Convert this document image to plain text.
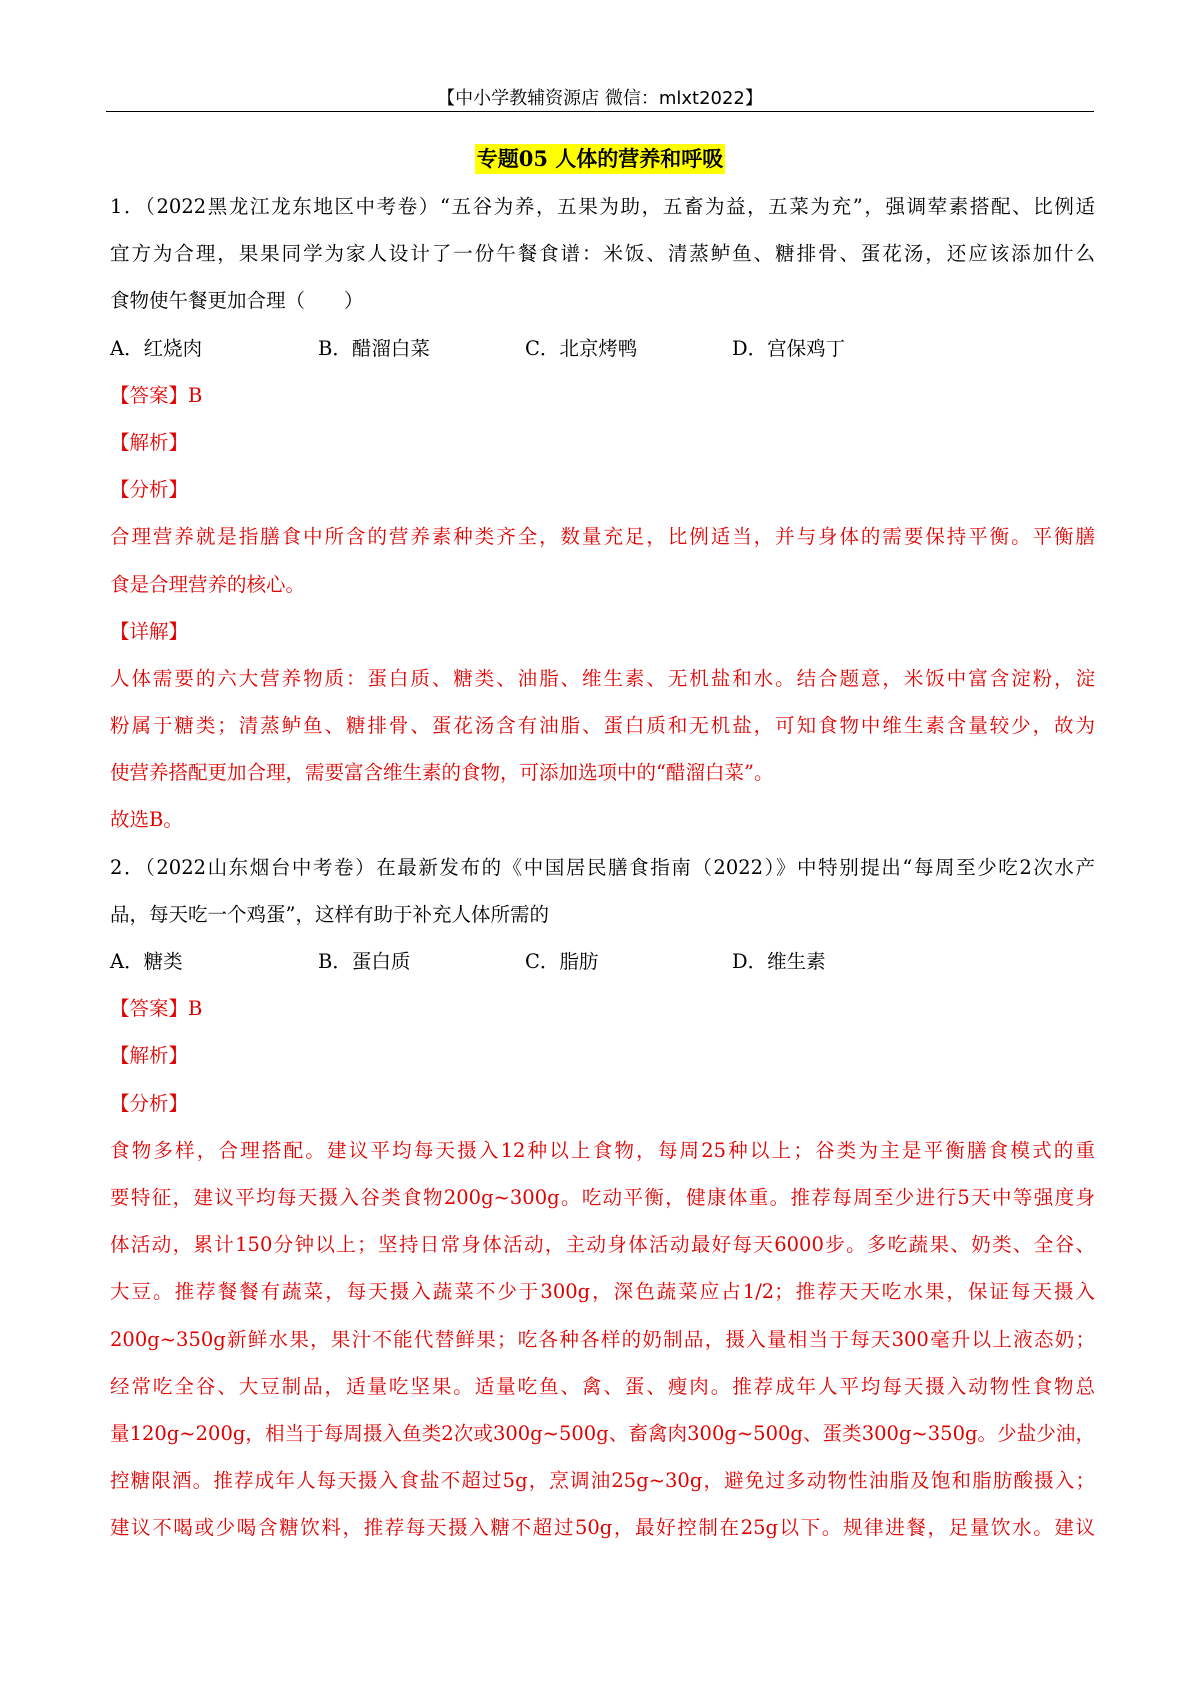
【中小学教辅资源店 微信：mlxt2022】
专题05 人体的营养和呼吸
1．（2022黑龙江龙东地区中考卷）“五谷为养，五果为助，五畜为益，五菜为充”，强调荤素搭配、比例适
宜方为合理，果果同学为家人设计了一份午餐食谱：米饭、清蒸鲈鱼、糖排骨、蛋花汤，还应该添加什么
食物使午餐更加合理（　　）
A．红烧肉	B．醋溜白菜	C．北京烤鸭	D．宫保鸡丁
【答案】B
【解析】
【分析】
合理营养就是指膳食中所含的营养素种类齐全，数量充足，比例适当，并与身体的需要保持平衡。平衡膳
食是合理营养的核心。
【详解】
人体需要的六大营养物质：蛋白质、糖类、油脂、维生素、无机盐和水。结合题意，米饭中富含淀粉，淀
粉属于糖类；清蒸鲈鱼、糖排骨、蛋花汤含有油脂、蛋白质和无机盐，可知食物中维生素含量较少，故为
使营养搭配更加合理，需要富含维生素的食物，可添加选项中的“醋溜白菜”。
故选B。
2．（2022山东烟台中考卷）在最新发布的《中国居民膳食指南（2022）》中特别提出“每周至少吃2次水产
品，每天吃一个鸡蛋”，这样有助于补充人体所需的
A．糖类	B．蛋白质	C．脂肪	D．维生素
【答案】B
【解析】
【分析】
食物多样，合理搭配。建议平均每天摄入12种以上食物，每周25种以上；谷类为主是平衡膳食模式的重
要特征，建议平均每天摄入谷类食物200g~300g。吃动平衡，健康体重。推荐每周至少进行5天中等强度身
体活动，累计150分钟以上；坚持日常身体活动，主动身体活动最好每天6000步。多吃蔬果、奶类、全谷、
大豆。推荐餐餐有蔬菜，每天摄入蔬菜不少于300g，深色蔬菜应占1/2；推荐天天吃水果，保证每天摄入
200g~350g新鲜水果，果汁不能代替鲜果；吃各种各样的奶制品，摄入量相当于每天300毫升以上液态奶；
经常吃全谷、大豆制品，适量吃坚果。适量吃鱼、禽、蛋、瘦肉。推荐成年人平均每天摄入动物性食物总
量120g~200g，相当于每周摄入鱼类2次或300g~500g、畜禽肉300g~500g、蛋类300g~350g。少盐少油，
控糖限酒。推荐成年人每天摄入食盐不超过5g，烹调油25g~30g，避免过多动物性油脂及饱和脂肪酸摄入；
建议不喝或少喝含糖饮料，推荐每天摄入糖不超过50g，最好控制在25g以下。规律进餐，足量饮水。建议
